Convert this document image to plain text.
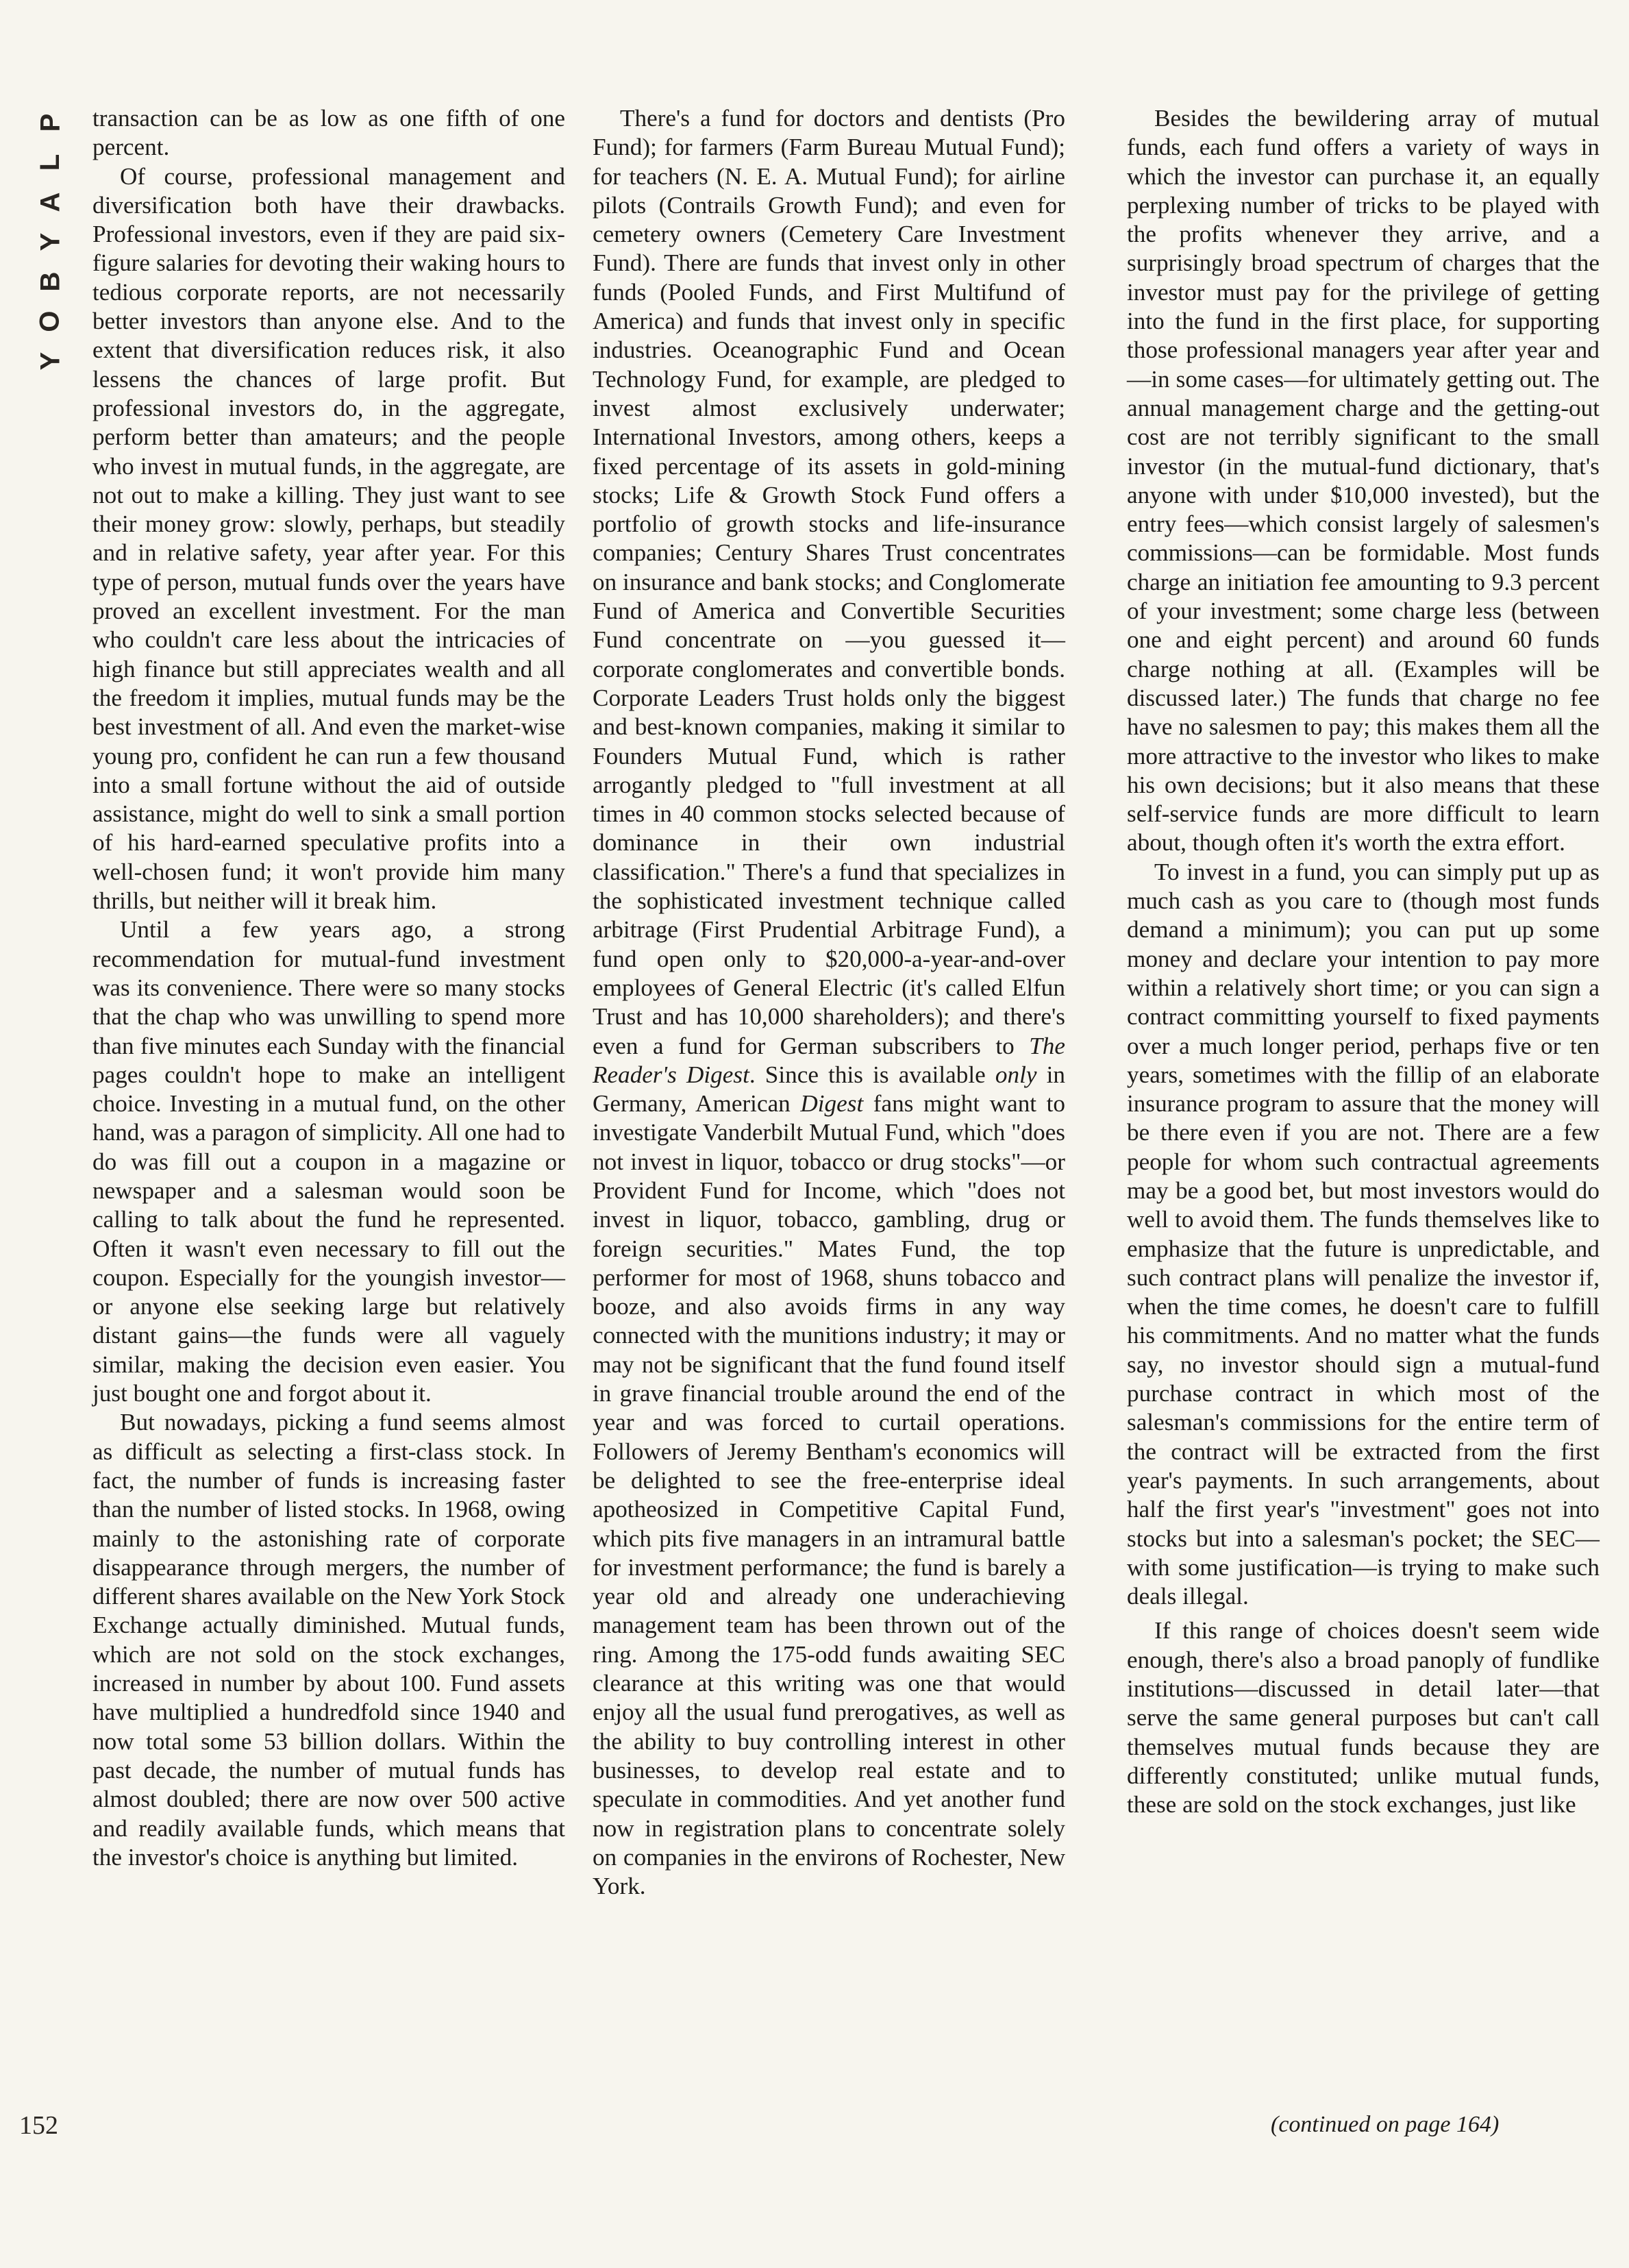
P
L
A
Y
B
O
Y

transaction can be as low as one fifth of one percent.

Of course, professional management and diversification both have their drawbacks. Professional investors, even if they are paid six-figure salaries for devoting their waking hours to tedious corporate reports, are not necessarily better investors than anyone else. And to the extent that diversification reduces risk, it also lessens the chances of large profit. But professional investors do, in the aggregate, perform better than amateurs; and the people who invest in mutual funds, in the aggregate, are not out to make a killing. They just want to see their money grow: slowly, perhaps, but steadily and in relative safety, year after year. For this type of person, mutual funds over the years have proved an excellent investment. For the man who couldn't care less about the intricacies of high finance but still appreciates wealth and all the freedom it implies, mutual funds may be the best investment of all. And even the market-wise young pro, confident he can run a few thousand into a small fortune without the aid of outside assistance, might do well to sink a small portion of his hard-earned speculative profits into a well-chosen fund; it won't provide him many thrills, but neither will it break him.

Until a few years ago, a strong recommendation for mutual-fund investment was its convenience. There were so many stocks that the chap who was unwilling to spend more than five minutes each Sunday with the financial pages couldn't hope to make an intelligent choice. Investing in a mutual fund, on the other hand, was a paragon of simplicity. All one had to do was fill out a coupon in a magazine or newspaper and a salesman would soon be calling to talk about the fund he represented. Often it wasn't even necessary to fill out the coupon. Especially for the youngish investor—or anyone else seeking large but relatively distant gains—the funds were all vaguely similar, making the decision even easier. You just bought one and forgot about it.

But nowadays, picking a fund seems almost as difficult as selecting a first-class stock. In fact, the number of funds is increasing faster than the number of listed stocks. In 1968, owing mainly to the astonishing rate of corporate disappearance through mergers, the number of different shares available on the New York Stock Exchange actually diminished. Mutual funds, which are not sold on the stock exchanges, increased in number by about 100. Fund assets have multiplied a hundredfold since 1940 and now total some 53 billion dollars. Within the past decade, the number of mutual funds has almost doubled; there are now over 500 active and readily available funds, which means that the investor's choice is anything but limited.

There's a fund for doctors and dentists (Pro Fund); for farmers (Farm Bureau Mutual Fund); for teachers (N. E. A. Mutual Fund); for airline pilots (Contrails Growth Fund); and even for cemetery owners (Cemetery Care Investment Fund). There are funds that invest only in other funds (Pooled Funds, and First Multifund of America) and funds that invest only in specific industries. Oceanographic Fund and Ocean Technology Fund, for example, are pledged to invest almost exclusively underwater; International Investors, among others, keeps a fixed percentage of its assets in gold-mining stocks; Life & Growth Stock Fund offers a portfolio of growth stocks and life-insurance companies; Century Shares Trust concentrates on insurance and bank stocks; and Conglomerate Fund of America and Convertible Securities Fund concentrate on —you guessed it—corporate conglomerates and convertible bonds. Corporate Leaders Trust holds only the biggest and best-known companies, making it similar to Founders Mutual Fund, which is rather arrogantly pledged to "full investment at all times in 40 common stocks selected because of dominance in their own industrial classification." There's a fund that specializes in the sophisticated investment technique called arbitrage (First Prudential Arbitrage Fund), a fund open only to $20,000-a-year-and-over employees of General Electric (it's called Elfun Trust and has 10,000 shareholders); and there's even a fund for German subscribers to The Reader's Digest. Since this is available only in Germany, American Digest fans might want to investigate Vanderbilt Mutual Fund, which "does not invest in liquor, tobacco or drug stocks"—or Provident Fund for Income, which "does not invest in liquor, tobacco, gambling, drug or foreign securities." Mates Fund, the top performer for most of 1968, shuns tobacco and booze, and also avoids firms in any way connected with the munitions industry; it may or may not be significant that the fund found itself in grave financial trouble around the end of the year and was forced to curtail operations. Followers of Jeremy Bentham's economics will be delighted to see the free-enterprise ideal apotheosized in Competitive Capital Fund, which pits five managers in an intramural battle for investment performance; the fund is barely a year old and already one underachieving management team has been thrown out of the ring. Among the 175-odd funds awaiting SEC clearance at this writing was one that would enjoy all the usual fund prerogatives, as well as the ability to buy controlling interest in other businesses, to develop real estate and to speculate in commodities. And yet another fund now in registration plans to concentrate solely on companies in the environs of Rochester, New York.

Besides the bewildering array of mutual funds, each fund offers a variety of ways in which the investor can purchase it, an equally perplexing number of tricks to be played with the profits whenever they arrive, and a surprisingly broad spectrum of charges that the investor must pay for the privilege of getting into the fund in the first place, for supporting those professional managers year after year and—in some cases—for ultimately getting out. The annual management charge and the getting-out cost are not terribly significant to the small investor (in the mutual-fund dictionary, that's anyone with under $10,000 invested), but the entry fees—which consist largely of salesmen's commissions—can be formidable. Most funds charge an initiation fee amounting to 9.3 percent of your investment; some charge less (between one and eight percent) and around 60 funds charge nothing at all. (Examples will be discussed later.) The funds that charge no fee have no salesmen to pay; this makes them all the more attractive to the investor who likes to make his own decisions; but it also means that these self-service funds are more difficult to learn about, though often it's worth the extra effort.

To invest in a fund, you can simply put up as much cash as you care to (though most funds demand a minimum); you can put up some money and declare your intention to pay more within a relatively short time; or you can sign a contract committing yourself to fixed payments over a much longer period, perhaps five or ten years, sometimes with the fillip of an elaborate insurance program to assure that the money will be there even if you are not. There are a few people for whom such contractual agreements may be a good bet, but most investors would do well to avoid them. The funds themselves like to emphasize that the future is unpredictable, and such contract plans will penalize the investor if, when the time comes, he doesn't care to fulfill his commitments. And no matter what the funds say, no investor should sign a mutual-fund purchase contract in which most of the salesman's commissions for the entire term of the contract will be extracted from the first year's payments. In such arrangements, about half the first year's "investment" goes not into stocks but into a salesman's pocket; the SEC—with some justification—is trying to make such deals illegal.

If this range of choices doesn't seem wide enough, there's also a broad panoply of fundlike institutions—discussed in detail later—that serve the same general purposes but can't call themselves mutual funds because they are differently constituted; unlike mutual funds, these are sold on the stock exchanges, just like

152	(continued on page 164)
